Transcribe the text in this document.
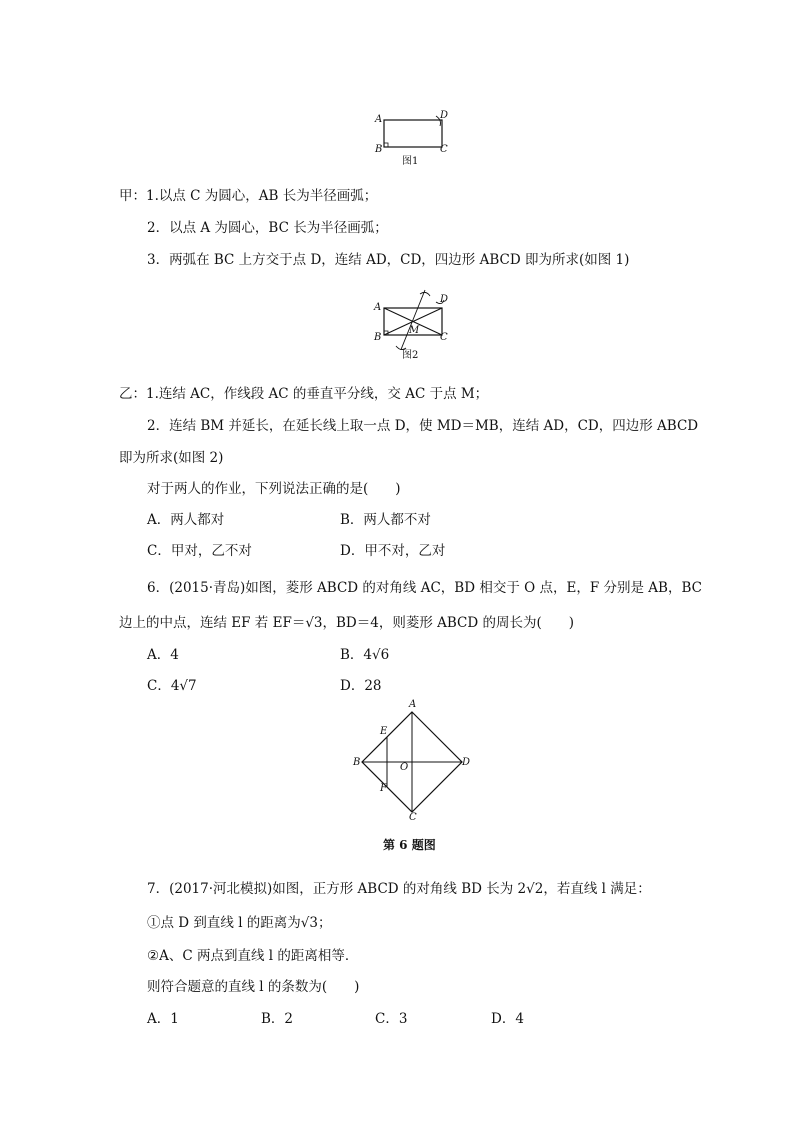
A	D
B	C
图1
甲：1.以点 C 为圆心，AB 长为半径画弧；
2．以点 A 为圆心，BC 长为半径画弧；
3．两弧在 BC 上方交于点 D，连结 AD，CD，四边形 ABCD 即为所求(如图 1)
A
D
B	C
M
图2
乙：1.连结 AC，作线段 AC 的垂直平分线，交 AC 于点 M；
2．连结 BM 并延长，在延长线上取一点 D，使 MD＝MB，连结 AD，CD，四边形 ABCD
即为所求(如图 2)
对于两人的作业，下列说法正确的是(　　)
A．两人都对	B．两人都不对
C．甲对，乙不对	D．甲不对，乙对
6．(2015·青岛)如图，菱形 ABCD 的对角线 AC，BD 相交于 O 点，E，F 分别是 AB，BC
边上的中点，连结 EF 若 EF＝√3，BD＝4，则菱形 ABCD 的周长为(　　)
A．4	B．4√6
C．4√7	D．28
A
E
B	O	D
F
C
第 6 题图
7．(2017·河北模拟)如图，正方形 ABCD 的对角线 BD 长为 2√2，若直线 l 满足：
①点 D 到直线 l 的距离为√3；
②A、C 两点到直线 l 的距离相等．
则符合题意的直线 l 的条数为(　　)
A．1	B．2	C．3	D．4
